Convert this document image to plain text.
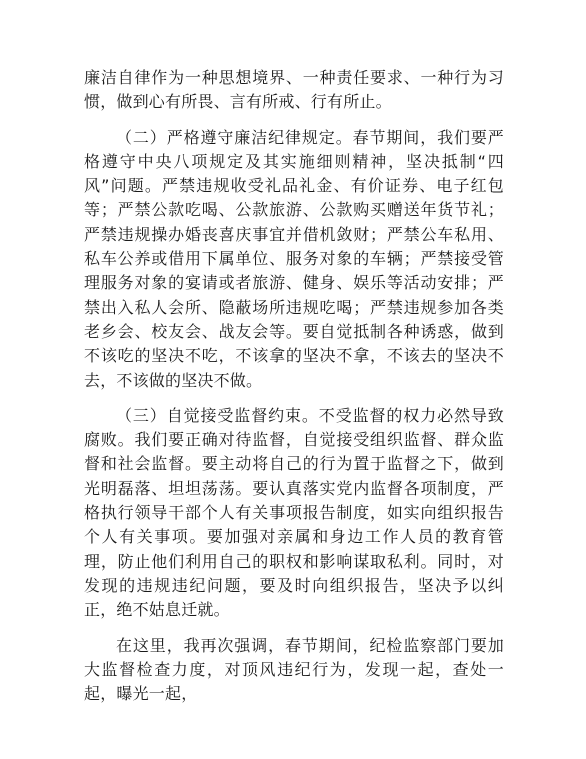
廉洁自律作为一种思想境界、一种责任要求、一种行为习惯，做到心有所畏、言有所戒、行有所止。

（二）严格遵守廉洁纪律规定。春节期间，我们要严格遵守中央八项规定及其实施细则精神，坚决抵制“四风”问题。严禁违规收受礼品礼金、有价证券、电子红包等；严禁公款吃喝、公款旅游、公款购买赠送年货节礼；严禁违规操办婚丧喜庆事宜并借机敛财；严禁公车私用、私车公养或借用下属单位、服务对象的车辆；严禁接受管理服务对象的宴请或者旅游、健身、娱乐等活动安排；严禁出入私人会所、隐蔽场所违规吃喝；严禁违规参加各类老乡会、校友会、战友会等。要自觉抵制各种诱惑，做到不该吃的坚决不吃，不该拿的坚决不拿，不该去的坚决不去，不该做的坚决不做。

（三）自觉接受监督约束。不受监督的权力必然导致腐败。我们要正确对待监督，自觉接受组织监督、群众监督和社会监督。要主动将自己的行为置于监督之下，做到光明磊落、坦坦荡荡。要认真落实党内监督各项制度，严格执行领导干部个人有关事项报告制度，如实向组织报告个人有关事项。要加强对亲属和身边工作人员的教育管理，防止他们利用自己的职权和影响谋取私利。同时，对发现的违规违纪问题，要及时向组织报告，坚决予以纠正，绝不姑息迁就。

在这里，我再次强调，春节期间，纪检监察部门要加大监督检查力度，对顶风违纪行为，发现一起，查处一起，曝光一起，
